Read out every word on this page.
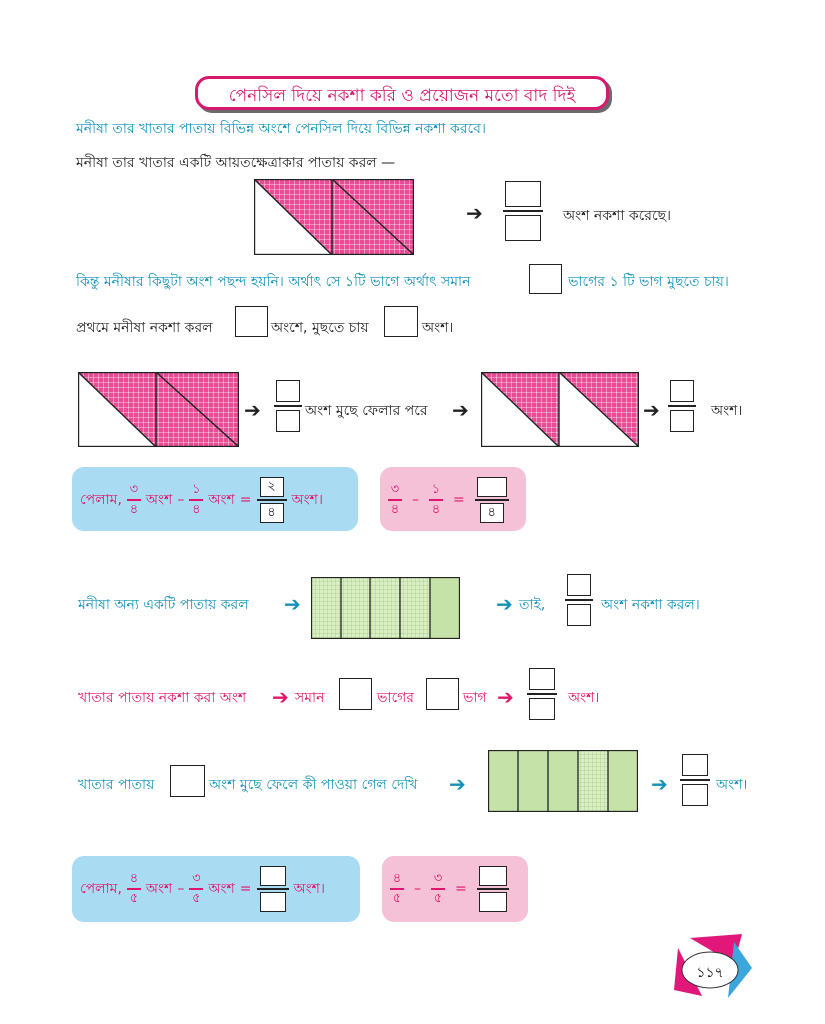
পেনসিল দিয়ে নকশা করি ও প্রয়োজন মতো বাদ দিই
মনীষা তার খাতার পাতায় বিভিন্ন অংশে পেনসিল দিয়ে বিভিন্ন নকশা করবে।
মনীষা তার খাতার একটি আয়তক্ষেত্রাকার পাতায় করল —
➔	অংশ নকশা করেছে।
কিন্তু মনীষার কিছুটা অংশ পছন্দ হয়নি। অর্থাৎ সে ১টি ভাগে অর্থাৎ সমান	ভাগের ১ টি ভাগ মুছতে চায়।
প্রথমে মনীষা নকশা করল	অংশে, মুছতে চায়	অংশ।
➔	অংশ মুছে ফেলার পরে ➔	➔	অংশ।
পেলাম,
৩
৪
অংশ –
১
৪
অংশ =
২
৪
অংশ।
৩
৪
–
১
৪
=
৪
মনীষা অন্য একটি পাতায় করল ➔	➔ তাই,	অংশ নকশা করল।
খাতার পাতায় নকশা করা অংশ ➔ সমান	ভাগের	ভাগ ➔	অংশ।
খাতার পাতায়	অংশ মুছে ফেলে কী পাওয়া গেল দেখি ➔	➔	অংশ।
পেলাম,
৪
৫
অংশ –
৩
৫
অংশ =	অংশ।
৪
৫
–
৩
৫
=
১১৭
